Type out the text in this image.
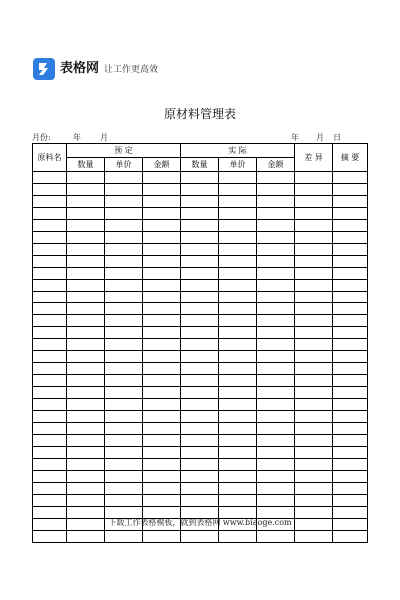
表格网 让工作更高效
原材料管理表
月份:	年 月	年 月 日
原料名	预 定			实 际			差 异	摘 要
	数量	单价	金额	数量	单价	金额		

下载工作表格模板，就到表格网 www.biaoge.com
